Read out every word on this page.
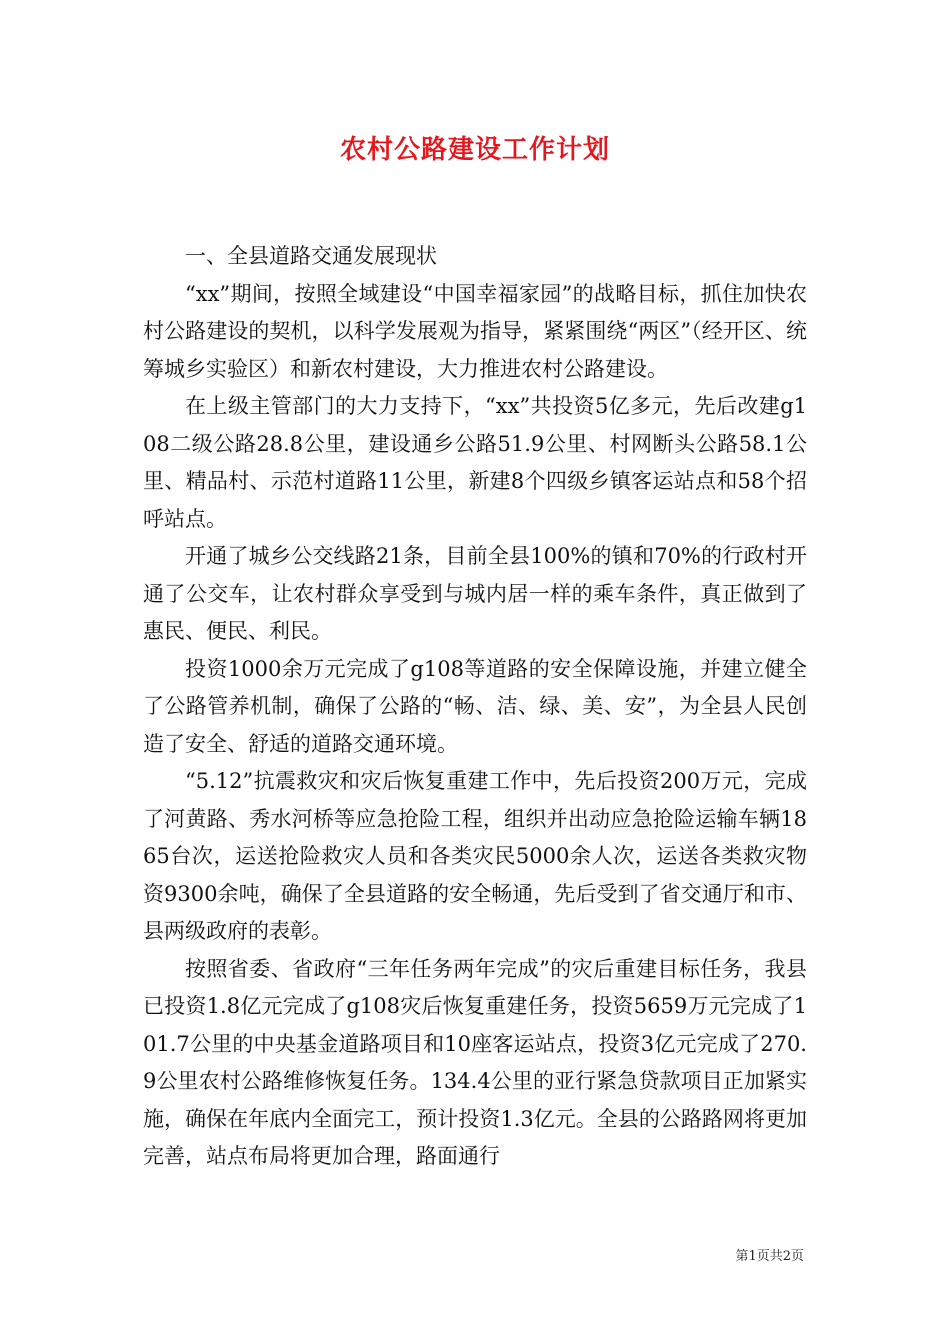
农村公路建设工作计划

一、全县道路交通发展现状

“xx”期间，按照全域建设“中国幸福家园”的战略目标，抓住加快农村公路建设的契机，以科学发展观为指导，紧紧围绕“两区”（经开区、统筹城乡实验区）和新农村建设，大力推进农村公路建设。

在上级主管部门的大力支持下，“xx”共投资5亿多元，先后改建g108二级公路28.8公里，建设通乡公路51.9公里、村网断头公路58.1公里、精品村、示范村道路11公里，新建8个四级乡镇客运站点和58个招呼站点。

开通了城乡公交线路21条，目前全县100%的镇和70%的行政村开通了公交车，让农村群众享受到与城内居一样的乘车条件，真正做到了惠民、便民、利民。

投资1000余万元完成了g108等道路的安全保障设施，并建立健全了公路管养机制，确保了公路的“畅、洁、绿、美、安”，为全县人民创造了安全、舒适的道路交通环境。

“5.12”抗震救灾和灾后恢复重建工作中，先后投资200万元，完成了河黄路、秀水河桥等应急抢险工程，组织并出动应急抢险运输车辆1865台次，运送抢险救灾人员和各类灾民5000余人次，运送各类救灾物资9300余吨，确保了全县道路的安全畅通，先后受到了省交通厅和市、县两级政府的表彰。

按照省委、省政府“三年任务两年完成”的灾后重建目标任务，我县已投资1.8亿元完成了g108灾后恢复重建任务，投资5659万元完成了101.7公里的中央基金道路项目和10座客运站点，投资3亿元完成了270.9公里农村公路维修恢复任务。134.4公里的亚行紧急贷款项目正加紧实施，确保在年底内全面完工，预计投资1.3亿元。全县的公路路网将更加完善，站点布局将更加合理，路面通行

第1页共2页
